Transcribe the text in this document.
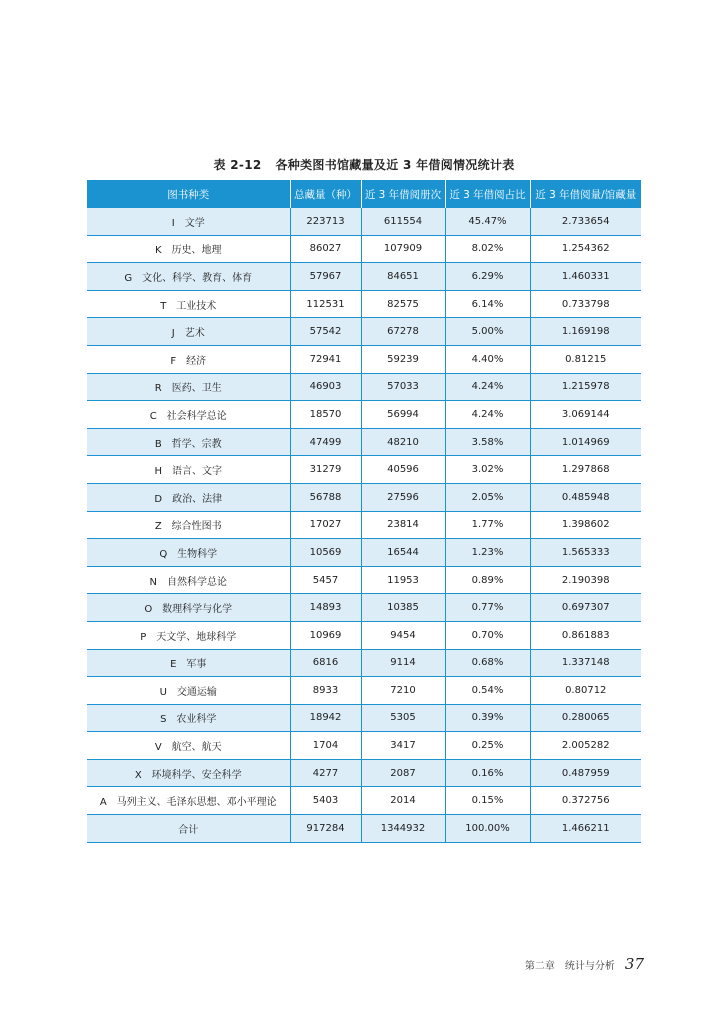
表 2-12 各种类图书馆藏量及近 3 年借阅情况统计表
图书种类	总藏量（种）	近 3 年借阅册次	近 3 年借阅占比	近 3 年借阅量/馆藏量
I　文学	223713	611554	45.47%	2.733654
K　历史、地理	86027	107909	8.02%	1.254362
G　文化、科学、教育、体育	57967	84651	6.29%	1.460331
T　工业技术	112531	82575	6.14%	0.733798
J　艺术	57542	67278	5.00%	1.169198
F　经济	72941	59239	4.40%	0.81215
R　医药、卫生	46903	57033	4.24%	1.215978
C　社会科学总论	18570	56994	4.24%	3.069144
B　哲学、宗教	47499	48210	3.58%	1.014969
H　语言、文字	31279	40596	3.02%	1.297868
D　政治、法律	56788	27596	2.05%	0.485948
Z　综合性图书	17027	23814	1.77%	1.398602
Q　生物科学	10569	16544	1.23%	1.565333
N　自然科学总论	5457	11953	0.89%	2.190398
O　数理科学与化学	14893	10385	0.77%	0.697307
P　天文学、地球科学	10969	9454	0.70%	0.861883
E　军事	6816	9114	0.68%	1.337148
U　交通运输	8933	7210	0.54%	0.80712
S　农业科学	18942	5305	0.39%	0.280065
V　航空、航天	1704	3417	0.25%	2.005282
X　环境科学、安全科学	4277	2087	0.16%	0.487959
A　马列主义、毛泽东思想、邓小平理论	5403	2014	0.15%	0.372756
合计	917284	1344932	100.00%	1.466211
第二章　统计与分析 37
